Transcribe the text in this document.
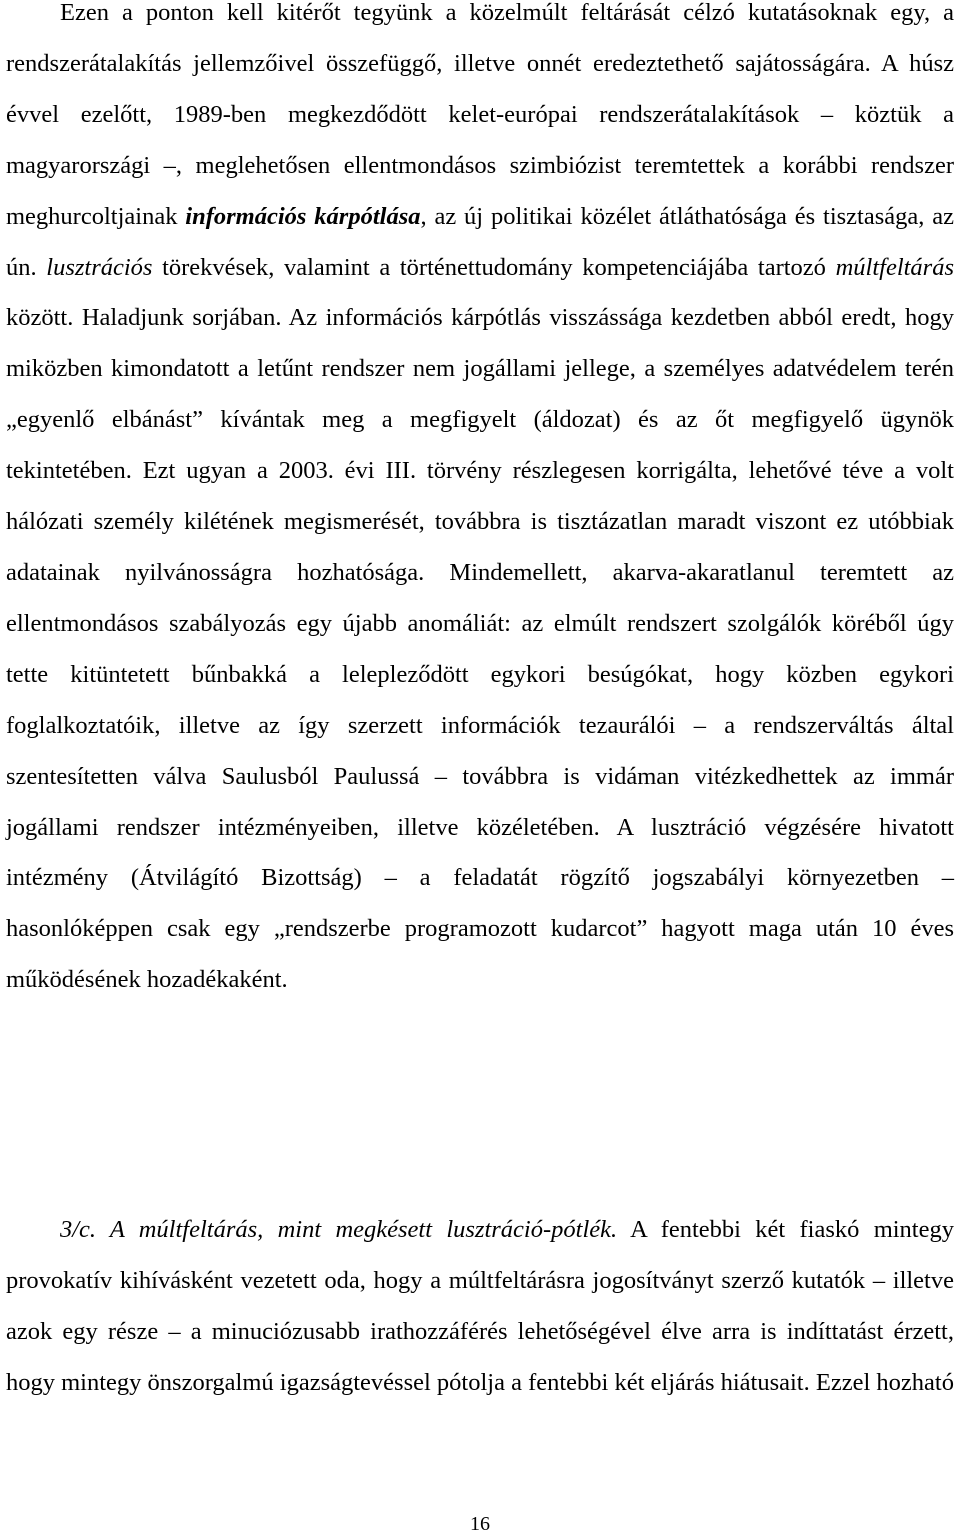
Ezen a ponton kell kitérőt tegyünk a közelmúlt feltárását célzó kutatásoknak egy, a rendszerátalakítás jellemzőivel összefüggő, illetve onnét eredeztethető sajátosságára. A húsz évvel ezelőtt, 1989-ben megkezdődött kelet-európai rendszerátalakítások – köztük a magyarországi –, meglehetősen ellentmondásos szimbiózist teremtettek a korábbi rendszer meghurcoltjainak információs kárpótlása, az új politikai közélet átláthatósága és tisztasága, az ún. lusztrációs törekvések, valamint a történettudomány kompetenciájába tartozó múltfeltárás között. Haladjunk sorjában. Az információs kárpótlás visszássága kezdetben abból eredt, hogy miközben kimondatott a letűnt rendszer nem jogállami jellege, a személyes adatvédelem terén „egyenlő elbánást” kívántak meg a megfigyelt (áldozat) és az őt megfigyelő ügynök tekintetében. Ezt ugyan a 2003. évi III. törvény részlegesen korrigálta, lehetővé téve a volt hálózati személy kilétének megismerését, továbbra is tisztázatlan maradt viszont ez utóbbiak adatainak nyilvánosságra hozhatósága. Mindemellett, akarva-akaratlanul teremtett az ellentmondásos szabályozás egy újabb anomáliát: az elmúlt rendszert szolgálók köréből úgy tette kitüntetett bűnbakká a lelepleződött egykori besúgókat, hogy közben egykori foglalkoztatóik, illetve az így szerzett információk tezaurálói – a rendszerváltás által szentesítetten válva Saulusból Paulussá – továbbra is vidáman vitézkedhettek az immár jogállami rendszer intézményeiben, illetve közéletében. A lusztráció végzésére hivatott intézmény (Átvilágító Bizottság) – a feladatát rögzítő jogszabályi környezetben – hasonlóképpen csak egy „rendszerbe programozott kudarcot” hagyott maga után 10 éves működésének hozadékaként.

3/c. A múltfeltárás, mint megkésett lusztráció-pótlék. A fentebbi két fiaskó mintegy provokatív kihívásként vezetett oda, hogy a múltfeltárásra jogosítványt szerző kutatók – illetve azok egy része – a minuciózusabb irathozzáférés lehetőségével élve arra is indíttatást érzett, hogy mintegy önszorgalmú igazságtevéssel pótolja a fentebbi két eljárás hiátusait. Ezzel hozható

16
